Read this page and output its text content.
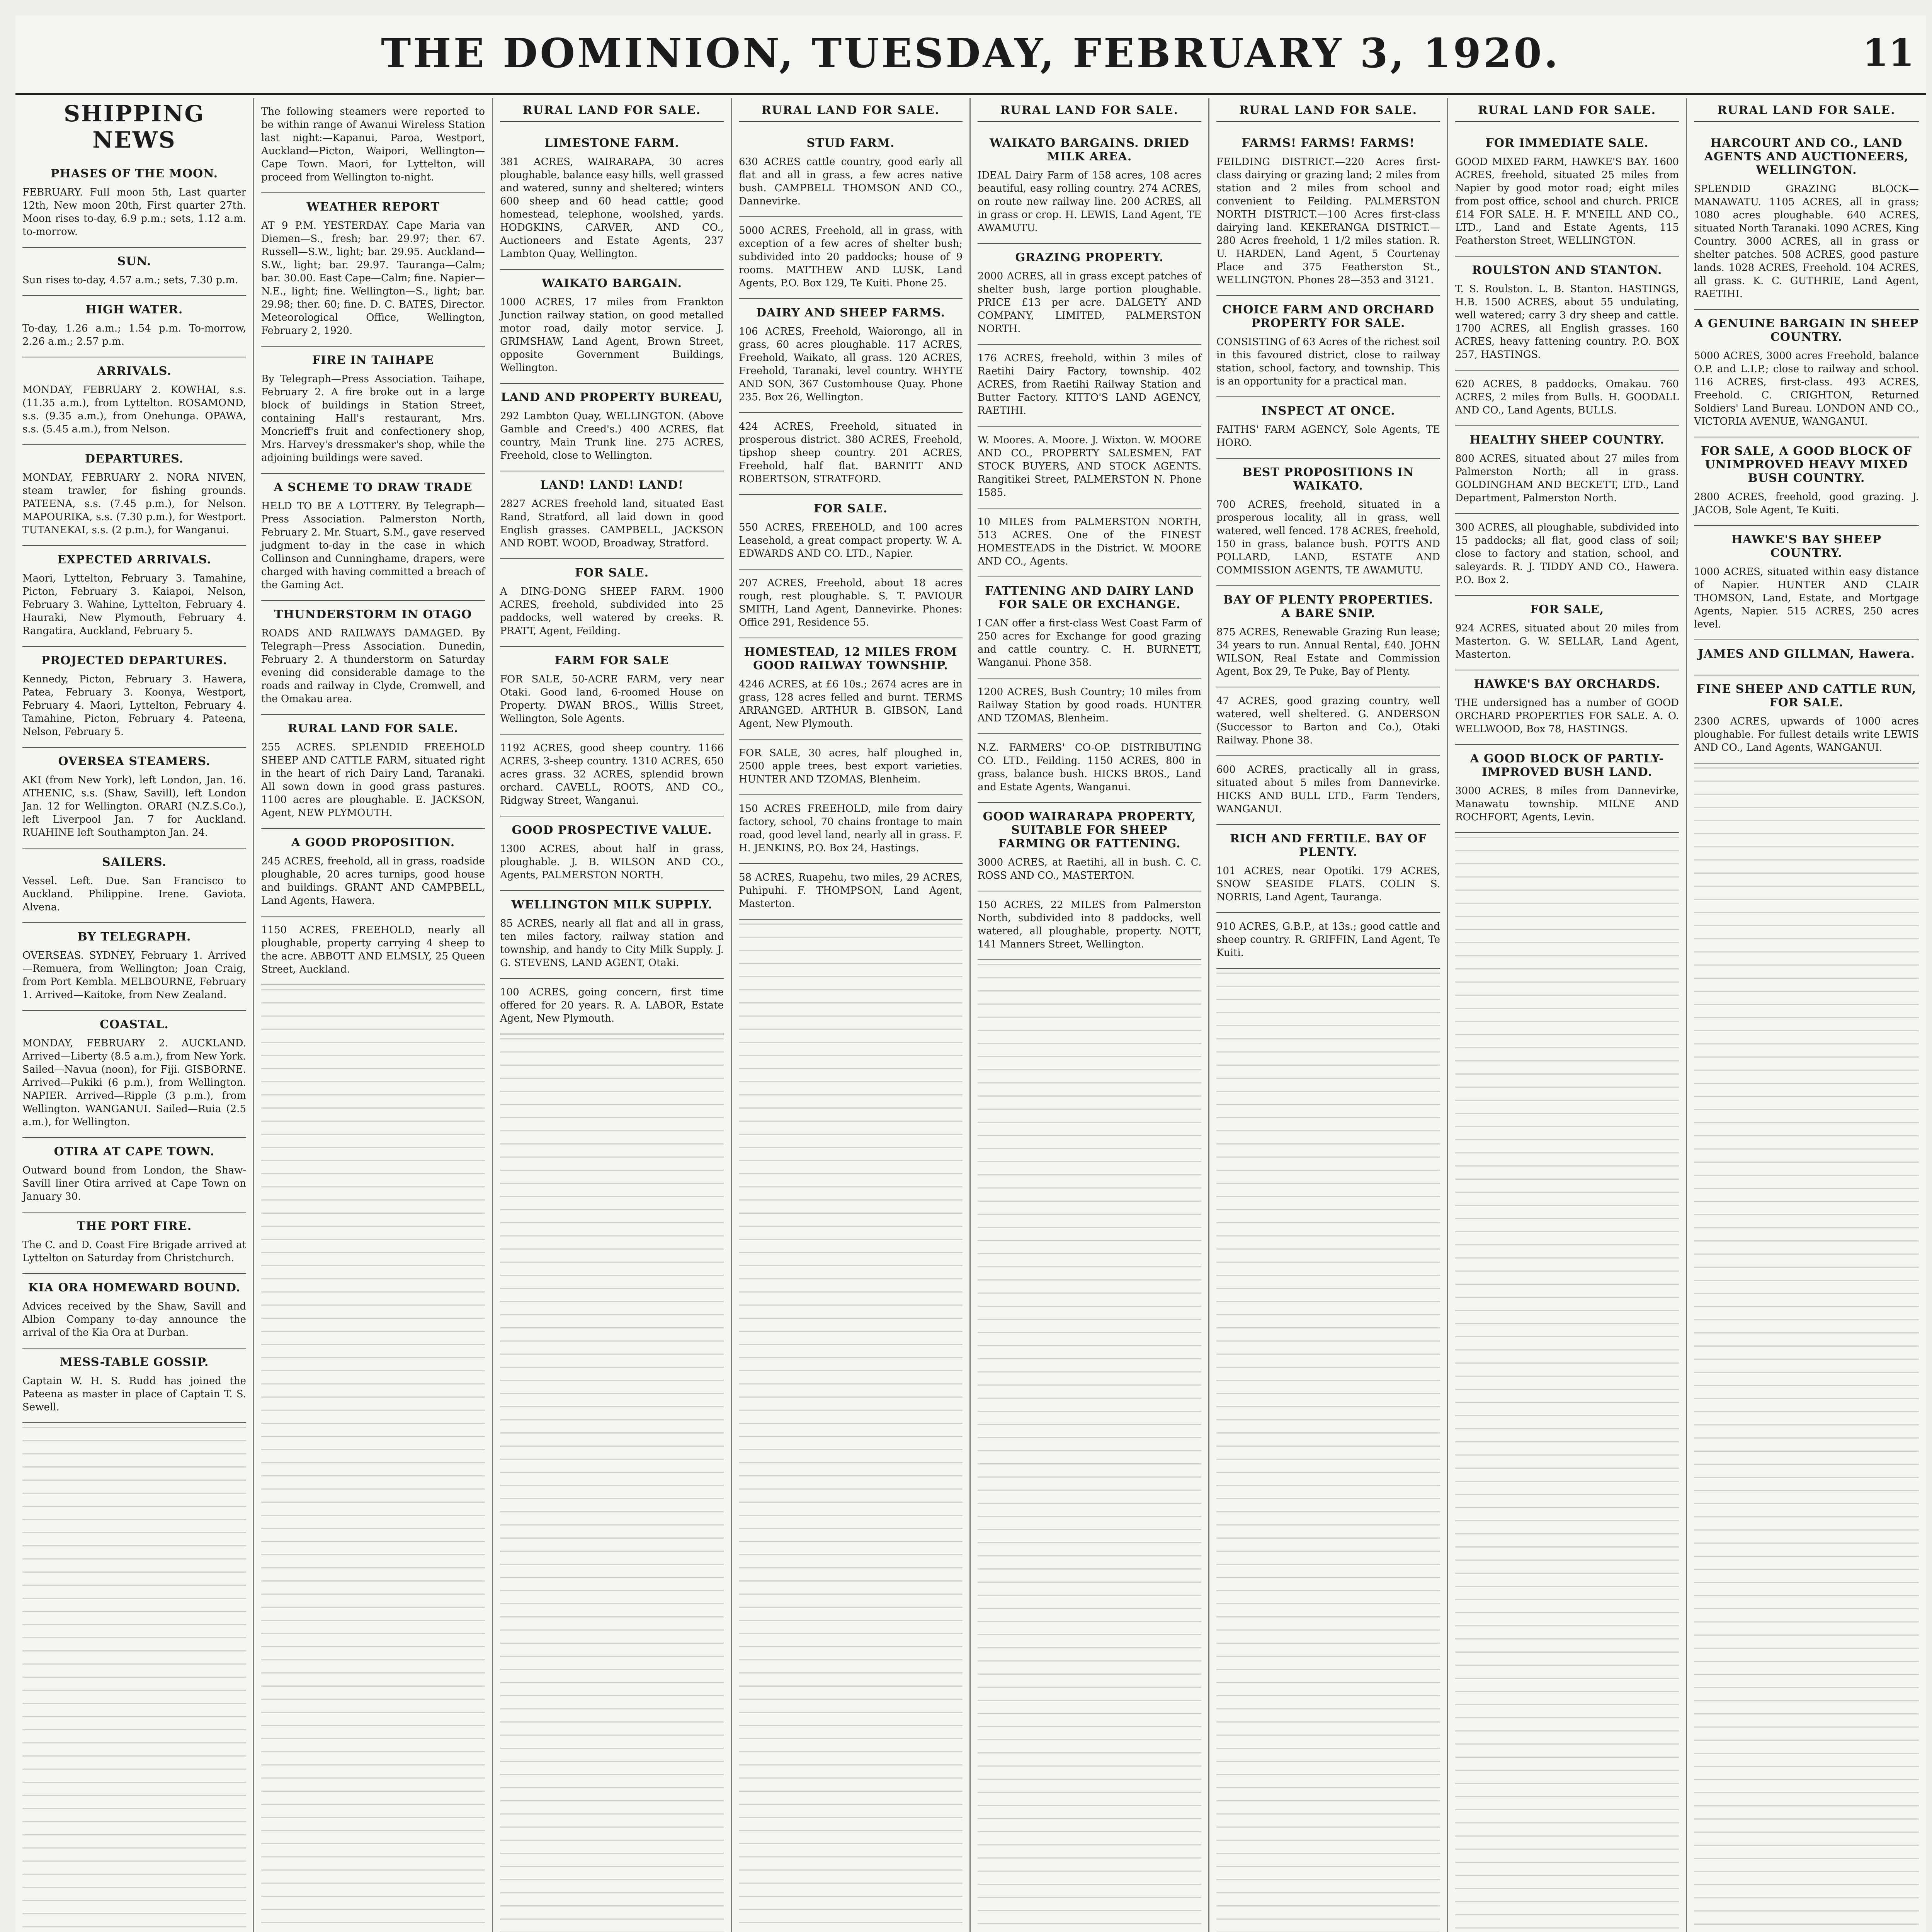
THE DOMINION, TUESDAY, FEBRUARY 3, 1920.	11
SHIPPING NEWS
PHASES OF THE MOON.

FEBRUARY. Full moon 5th, Last quarter 12th, New moon 20th, First quarter 27th. Moon rises to-day, 6.9 p.m.; sets, 1.12 a.m. to-morrow.

SUN.

Sun rises to-day, 4.57 a.m.; sets, 7.30 p.m.

HIGH WATER.

To-day, 1.26 a.m.; 1.54 p.m. To-morrow, 2.26 a.m.; 2.57 p.m.

ARRIVALS.

MONDAY, FEBRUARY 2. KOWHAI, s.s. (11.35 a.m.), from Lyttelton. ROSAMOND, s.s. (9.35 a.m.), from Onehunga. OPAWA, s.s. (5.45 a.m.), from Nelson.

DEPARTURES.

MONDAY, FEBRUARY 2. NORA NIVEN, steam trawler, for fishing grounds. PATEENA, s.s. (7.45 p.m.), for Nelson. MAPOURIKA, s.s. (7.30 p.m.), for Westport. TUTANEKAI, s.s. (2 p.m.), for Wanganui.

EXPECTED ARRIVALS.

Maori, Lyttelton, February 3. Tamahine, Picton, February 3. Kaiapoi, Nelson, February 3. Wahine, Lyttelton, February 4. Hauraki, New Plymouth, February 4. Rangatira, Auckland, February 5.

PROJECTED DEPARTURES.

Kennedy, Picton, February 3. Hawera, Patea, February 3. Koonya, Westport, February 4. Maori, Lyttelton, February 4. Tamahine, Picton, February 4. Pateena, Nelson, February 5.

OVERSEA STEAMERS.

AKI (from New York), left London, Jan. 16. ATHENIC, s.s. (Shaw, Savill), left London Jan. 12 for Wellington. ORARI (N.Z.S.Co.), left Liverpool Jan. 7 for Auckland. RUAHINE left Southampton Jan. 24.

SAILERS.

Vessel. Left. Due. San Francisco to Auckland. Philippine. Irene. Gaviota. Alvena.

BY TELEGRAPH.

OVERSEAS. SYDNEY, February 1. Arrived—Remuera, from Wellington; Joan Craig, from Port Kembla. MELBOURNE, February 1. Arrived—Kaitoke, from New Zealand.

COASTAL.

MONDAY, FEBRUARY 2. AUCKLAND. Arrived—Liberty (8.5 a.m.), from New York. Sailed—Navua (noon), for Fiji. GISBORNE. Arrived—Pukiki (6 p.m.), from Wellington. NAPIER. Arrived—Ripple (3 p.m.), from Wellington. WANGANUI. Sailed—Ruia (2.5 a.m.), for Wellington.

OTIRA AT CAPE TOWN.

Outward bound from London, the Shaw-Savill liner Otira arrived at Cape Town on January 30.

THE PORT FIRE.

The C. and D. Coast Fire Brigade arrived at Lyttelton on Saturday from Christchurch.

KIA ORA HOMEWARD BOUND.

Advices received by the Shaw, Savill and Albion Company to-day announce the arrival of the Kia Ora at Durban.

MESS-TABLE GOSSIP.

Captain W. H. S. Rudd has joined the Pateena as master in place of Captain T. S. Sewell.

The following steamers were reported to be within range of Awanui Wireless Station last night:—Kapanui, Paroa, Westport, Auckland—Picton, Waipori, Wellington—Cape Town. Maori, for Lyttelton, will proceed from Wellington to-night.

WEATHER REPORT

AT 9 P.M. YESTERDAY. Cape Maria van Diemen—S., fresh; bar. 29.97; ther. 67. Russell—S.W., light; bar. 29.95. Auckland—S.W., light; bar. 29.97. Tauranga—Calm; bar. 30.00. East Cape—Calm; fine. Napier—N.E., light; fine. Wellington—S., light; bar. 29.98; ther. 60; fine. D. C. BATES, Director. Meteorological Office, Wellington, February 2, 1920.

FIRE IN TAIHAPE

By Telegraph—Press Association. Taihape, February 2. A fire broke out in a large block of buildings in Station Street, containing Hall's restaurant, Mrs. Moncrieff's fruit and confectionery shop, Mrs. Harvey's dressmaker's shop, while the adjoining buildings were saved.

A SCHEME TO DRAW TRADE

HELD TO BE A LOTTERY. By Telegraph—Press Association. Palmerston North, February 2. Mr. Stuart, S.M., gave reserved judgment to-day in the case in which Collinson and Cunninghame, drapers, were charged with having committed a breach of the Gaming Act.

THUNDERSTORM IN OTAGO

ROADS AND RAILWAYS DAMAGED. By Telegraph—Press Association. Dunedin, February 2. A thunderstorm on Saturday evening did considerable damage to the roads and railway in Clyde, Cromwell, and the Omakau area.

RURAL LAND FOR SALE.

255 ACRES. SPLENDID FREEHOLD SHEEP AND CATTLE FARM, situated right in the heart of rich Dairy Land, Taranaki. All sown down in good grass pastures. 1100 acres are ploughable. E. JACKSON, Agent, NEW PLYMOUTH.

A GOOD PROPOSITION.

245 ACRES, freehold, all in grass, roadside ploughable, 20 acres turnips, good house and buildings. GRANT AND CAMPBELL, Land Agents, Hawera.

1150 ACRES, FREEHOLD, nearly all ploughable, property carrying 4 sheep to the acre. ABBOTT AND ELMSLY, 25 Queen Street, Auckland.

RURAL LAND FOR SALE.
LIMESTONE FARM.

381 ACRES, WAIRARAPA, 30 acres ploughable, balance easy hills, well grassed and watered, sunny and sheltered; winters 600 sheep and 60 head cattle; good homestead, telephone, woolshed, yards. HODGKINS, CARVER, AND CO., Auctioneers and Estate Agents, 237 Lambton Quay, Wellington.

WAIKATO BARGAIN.

1000 ACRES, 17 miles from Frankton Junction railway station, on good metalled motor road, daily motor service. J. GRIMSHAW, Land Agent, Brown Street, opposite Government Buildings, Wellington.

LAND AND PROPERTY BUREAU,

292 Lambton Quay, WELLINGTON. (Above Gamble and Creed's.) 400 ACRES, flat country, Main Trunk line. 275 ACRES, Freehold, close to Wellington.

LAND! LAND! LAND!

2827 ACRES freehold land, situated East Rand, Stratford, all laid down in good English grasses. CAMPBELL, JACKSON AND ROBT. WOOD, Broadway, Stratford.

FOR SALE.

A DING-DONG SHEEP FARM. 1900 ACRES, freehold, subdivided into 25 paddocks, well watered by creeks. R. PRATT, Agent, Feilding.

FARM FOR SALE

FOR SALE, 50-ACRE FARM, very near Otaki. Good land, 6-roomed House on Property. DWAN BROS., Willis Street, Wellington, Sole Agents.

1192 ACRES, good sheep country. 1166 ACRES, 3-sheep country. 1310 ACRES, 650 acres grass. 32 ACRES, splendid brown orchard. CAVELL, ROOTS, AND CO., Ridgway Street, Wanganui.

GOOD PROSPECTIVE VALUE.

1300 ACRES, about half in grass, ploughable. J. B. WILSON AND CO., Agents, PALMERSTON NORTH.

WELLINGTON MILK SUPPLY.

85 ACRES, nearly all flat and all in grass, ten miles factory, railway station and township, and handy to City Milk Supply. J. G. STEVENS, LAND AGENT, Otaki.

100 ACRES, going concern, first time offered for 20 years. R. A. LABOR, Estate Agent, New Plymouth.

RURAL LAND FOR SALE.
STUD FARM.

630 ACRES cattle country, good early all flat and all in grass, a few acres native bush. CAMPBELL THOMSON AND CO., Dannevirke.

5000 ACRES, Freehold, all in grass, with exception of a few acres of shelter bush; subdivided into 20 paddocks; house of 9 rooms. MATTHEW AND LUSK, Land Agents, P.O. Box 129, Te Kuiti. Phone 25.

DAIRY AND SHEEP FARMS.

106 ACRES, Freehold, Waiorongo, all in grass, 60 acres ploughable. 117 ACRES, Freehold, Waikato, all grass. 120 ACRES, Freehold, Taranaki, level country. WHYTE AND SON, 367 Customhouse Quay. Phone 235. Box 26, Wellington.

424 ACRES, Freehold, situated in prosperous district. 380 ACRES, Freehold, tipshop sheep country. 201 ACRES, Freehold, half flat. BARNITT AND ROBERTSON, STRATFORD.

FOR SALE.

550 ACRES, FREEHOLD, and 100 acres Leasehold, a great compact property. W. A. EDWARDS AND CO. LTD., Napier.

207 ACRES, Freehold, about 18 acres rough, rest ploughable. S. T. PAVIOUR SMITH, Land Agent, Dannevirke. Phones: Office 291, Residence 55.

HOMESTEAD, 12 MILES FROM GOOD RAILWAY TOWNSHIP.

4246 ACRES, at £6 10s.; 2674 acres are in grass, 128 acres felled and burnt. TERMS ARRANGED. ARTHUR B. GIBSON, Land Agent, New Plymouth.

FOR SALE, 30 acres, half ploughed in, 2500 apple trees, best export varieties. HUNTER AND TZOMAS, Blenheim.

150 ACRES FREEHOLD, mile from dairy factory, school, 70 chains frontage to main road, good level land, nearly all in grass. F. H. JENKINS, P.O. Box 24, Hastings.

58 ACRES, Ruapehu, two miles, 29 ACRES, Puhipuhi. F. THOMPSON, Land Agent, Masterton.

RURAL LAND FOR SALE.
WAIKATO BARGAINS. DRIED MILK AREA.

IDEAL Dairy Farm of 158 acres, 108 acres beautiful, easy rolling country. 274 ACRES, on route new railway line. 200 ACRES, all in grass or crop. H. LEWIS, Land Agent, TE AWAMUTU.

GRAZING PROPERTY.

2000 ACRES, all in grass except patches of shelter bush, large portion ploughable. PRICE £13 per acre. DALGETY AND COMPANY, LIMITED, PALMERSTON NORTH.

176 ACRES, freehold, within 3 miles of Raetihi Dairy Factory, township. 402 ACRES, from Raetihi Railway Station and Butter Factory. KITTO'S LAND AGENCY, RAETIHI.

W. Moores. A. Moore. J. Wixton. W. MOORE AND CO., PROPERTY SALESMEN, FAT STOCK BUYERS, AND STOCK AGENTS. Rangitikei Street, PALMERSTON N. Phone 1585.

10 MILES from PALMERSTON NORTH, 513 ACRES. One of the FINEST HOMESTEADS in the District. W. MOORE AND CO., Agents.

FATTENING AND DAIRY LAND FOR SALE OR EXCHANGE.

I CAN offer a first-class West Coast Farm of 250 acres for Exchange for good grazing and cattle country. C. H. BURNETT, Wanganui. Phone 358.

1200 ACRES, Bush Country; 10 miles from Railway Station by good roads. HUNTER AND TZOMAS, Blenheim.

N.Z. FARMERS' CO-OP. DISTRIBUTING CO. LTD., Feilding. 1150 ACRES, 800 in grass, balance bush. HICKS BROS., Land and Estate Agents, Wanganui.

GOOD WAIRARAPA PROPERTY, SUITABLE FOR SHEEP FARMING OR FATTENING.

3000 ACRES, at Raetihi, all in bush. C. C. ROSS AND CO., MASTERTON.

150 ACRES, 22 MILES from Palmerston North, subdivided into 8 paddocks, well watered, all ploughable, property. NOTT, 141 Manners Street, Wellington.

RURAL LAND FOR SALE.
FARMS! FARMS! FARMS!

FEILDING DISTRICT.—220 Acres first-class dairying or grazing land; 2 miles from station and 2 miles from school and convenient to Feilding. PALMERSTON NORTH DISTRICT.—100 Acres first-class dairying land. KEKERANGA DISTRICT.—280 Acres freehold, 1 1/2 miles station. R. U. HARDEN, Land Agent, 5 Courtenay Place and 375 Featherston St., WELLINGTON. Phones 28—353 and 3121.

CHOICE FARM AND ORCHARD PROPERTY FOR SALE.

CONSISTING of 63 Acres of the richest soil in this favoured district, close to railway station, school, factory, and township. This is an opportunity for a practical man.

INSPECT AT ONCE.

FAITHS' FARM AGENCY, Sole Agents, TE HORO.

BEST PROPOSITIONS IN WAIKATO.

700 ACRES, freehold, situated in a prosperous locality, all in grass, well watered, well fenced. 178 ACRES, freehold, 150 in grass, balance bush. POTTS AND POLLARD, LAND, ESTATE AND COMMISSION AGENTS, TE AWAMUTU.

BAY OF PLENTY PROPERTIES. A BARE SNIP.

875 ACRES, Renewable Grazing Run lease; 34 years to run. Annual Rental, £40. JOHN WILSON, Real Estate and Commission Agent, Box 29, Te Puke, Bay of Plenty.

47 ACRES, good grazing country, well watered, well sheltered. G. ANDERSON (Successor to Barton and Co.), Otaki Railway. Phone 38.

600 ACRES, practically all in grass, situated about 5 miles from Dannevirke. HICKS AND BULL LTD., Farm Tenders, WANGANUI.

RICH AND FERTILE. BAY OF PLENTY.

101 ACRES, near Opotiki. 179 ACRES, SNOW SEASIDE FLATS. COLIN S. NORRIS, Land Agent, Tauranga.

910 ACRES, G.B.P., at 13s.; good cattle and sheep country. R. GRIFFIN, Land Agent, Te Kuiti.

RURAL LAND FOR SALE.
FOR IMMEDIATE SALE.

GOOD MIXED FARM, HAWKE'S BAY. 1600 ACRES, freehold, situated 25 miles from Napier by good motor road; eight miles from post office, school and church. PRICE £14 FOR SALE. H. F. M'NEILL AND CO., LTD., Land and Estate Agents, 115 Featherston Street, WELLINGTON.

ROULSTON AND STANTON.

T. S. Roulston. L. B. Stanton. HASTINGS, H.B. 1500 ACRES, about 55 undulating, well watered; carry 3 dry sheep and cattle. 1700 ACRES, all English grasses. 160 ACRES, heavy fattening country. P.O. BOX 257, HASTINGS.

620 ACRES, 8 paddocks, Omakau. 760 ACRES, 2 miles from Bulls. H. GOODALL AND CO., Land Agents, BULLS.

HEALTHY SHEEP COUNTRY.

800 ACRES, situated about 27 miles from Palmerston North; all in grass. GOLDINGHAM AND BECKETT, LTD., Land Department, Palmerston North.

300 ACRES, all ploughable, subdivided into 15 paddocks; all flat, good class of soil; close to factory and station, school, and saleyards. R. J. TIDDY AND CO., Hawera. P.O. Box 2.

FOR SALE,

924 ACRES, situated about 20 miles from Masterton. G. W. SELLAR, Land Agent, Masterton.

HAWKE'S BAY ORCHARDS.

THE undersigned has a number of GOOD ORCHARD PROPERTIES FOR SALE. A. O. WELLWOOD, Box 78, HASTINGS.

A GOOD BLOCK OF PARTLY-IMPROVED BUSH LAND.

3000 ACRES, 8 miles from Dannevirke, Manawatu township. MILNE AND ROCHFORT, Agents, Levin.

RURAL LAND FOR SALE.
HARCOURT AND CO., LAND AGENTS AND AUCTIONEERS, WELLINGTON.

SPLENDID GRAZING BLOCK—MANAWATU. 1105 ACRES, all in grass; 1080 acres ploughable. 640 ACRES, situated North Taranaki. 1090 ACRES, King Country. 3000 ACRES, all in grass or shelter patches. 508 ACRES, good pasture lands. 1028 ACRES, Freehold. 104 ACRES, all grass. K. C. GUTHRIE, Land Agent, RAETIHI.

A GENUINE BARGAIN IN SHEEP COUNTRY.

5000 ACRES, 3000 acres Freehold, balance O.P. and L.I.P.; close to railway and school. 116 ACRES, first-class. 493 ACRES, Freehold. C. CRIGHTON, Returned Soldiers' Land Bureau. LONDON AND CO., VICTORIA AVENUE, WANGANUI.

FOR SALE, A GOOD BLOCK OF UNIMPROVED HEAVY MIXED BUSH COUNTRY.

2800 ACRES, freehold, good grazing. J. JACOB, Sole Agent, Te Kuiti.

HAWKE'S BAY SHEEP COUNTRY.

1000 ACRES, situated within easy distance of Napier. HUNTER AND CLAIR THOMSON, Land, Estate, and Mortgage Agents, Napier. 515 ACRES, 250 acres level.

JAMES AND GILLMAN, Hawera.
FINE SHEEP AND CATTLE RUN, FOR SALE.

2300 ACRES, upwards of 1000 acres ploughable. For fullest details write LEWIS AND CO., Land Agents, WANGANUI.
